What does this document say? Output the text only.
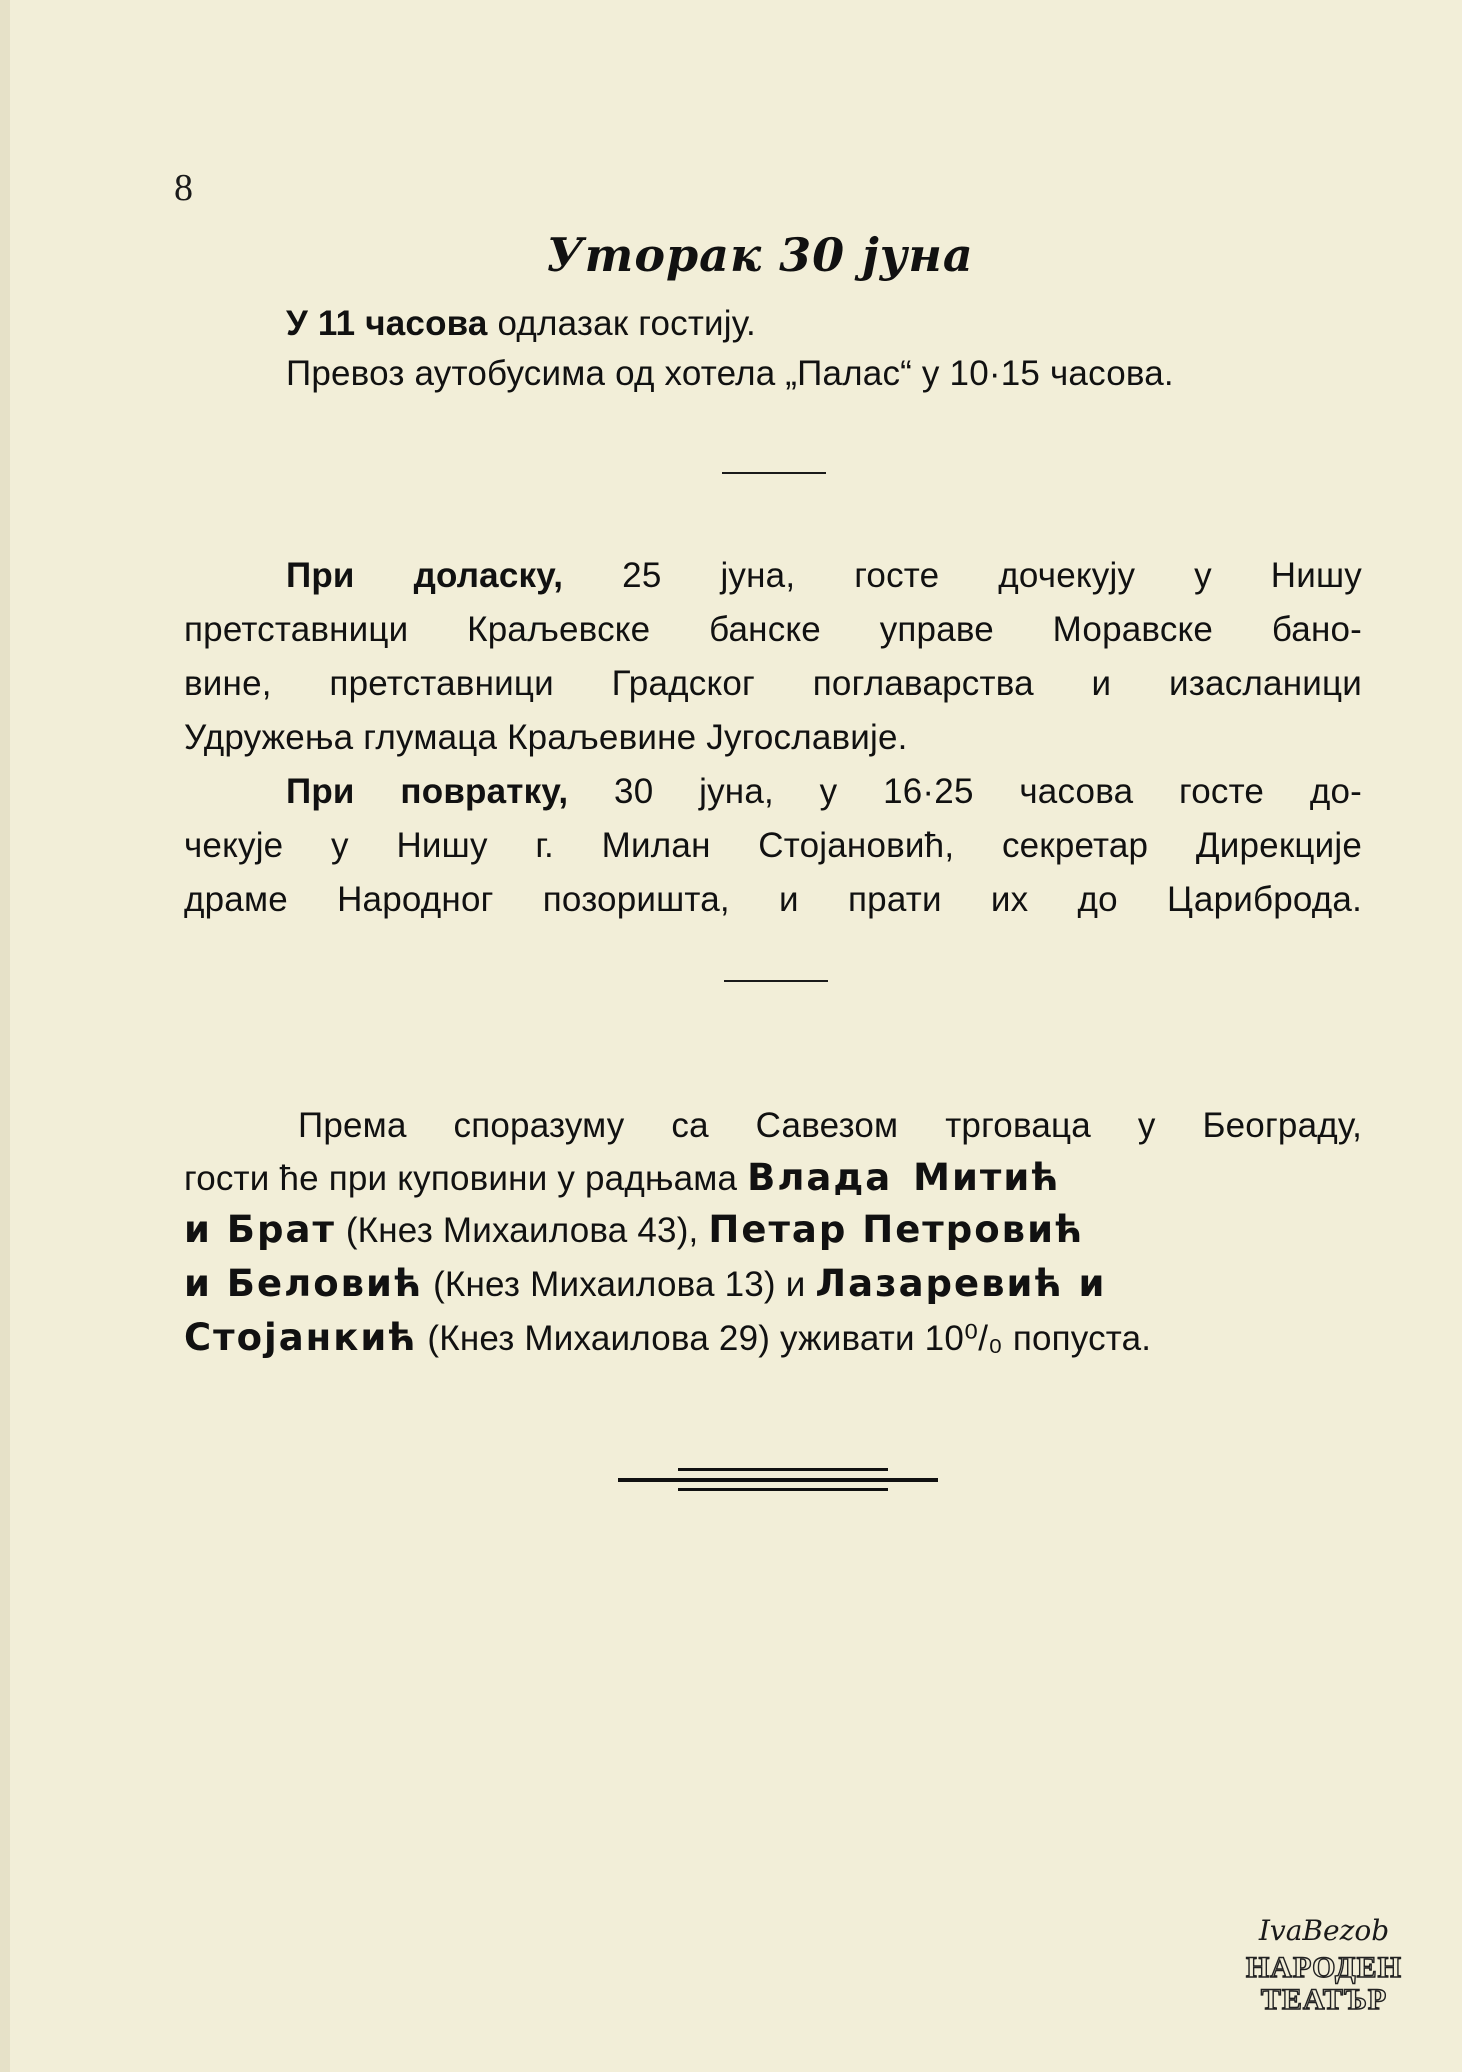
8
Уторак 30 јуна
У 11 часова одлазак гостију.
Превоз аутобусима од хотела „Палас“ у 10·15 часова.
При доласку, 25 јуна, госте дочекују у Нишу
претставници Краљевске банске управе Моравске бано-
вине, претставници Градског поглаварства и изасланици
Удружења глумаца Краљевине Југославије.
При повратку, 30 јуна, у 16·25 часова госте до-
чекује у Нишу г. Милан Стојановић, секретар Дирекције
драме Народног позоришта, и прати их до Цариброда.
Према споразуму са Савезом трговаца у Београду,
гости ће при куповини у радњама Влада Митић
и Брат (Кнез Михаилова 43), Петар Петровић
и Беловић (Кнез Михаилова 13) и Лазаревић и
Стојанкић (Кнез Михаилова 29) уживати 10⁰/₀ попуста.
IvaBezob
НАРОДЕН
ТЕАТЪР
